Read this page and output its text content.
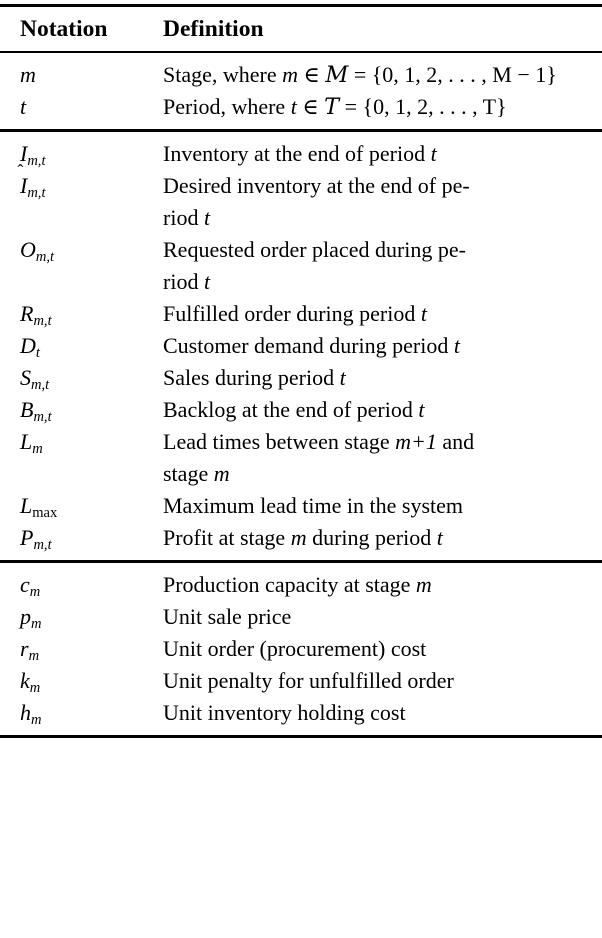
Notation	Definition
m	Stage, where m ∈ M = {0, 1, 2, . . . , M − 1}
t	Period, where t ∈ T = {0, 1, 2, . . . , T}
$I_{m,t}$	Inventory at the end of period t
$I_{m,t}$	Desired inventory at the end of pe-
riod t
$O_{m,t}$	Requested order placed during pe-
riod t
$R_{m,t}$	Fulfilled order during period t
$D_t$	Customer demand during period t
$S_{m,t}$	Sales during period t
$B_{m,t}$	Backlog at the end of period t
$L_m$	Lead times between stage m+1 and
stage m
$L_{max}$	Maximum lead time in the system
$P_{m,t}$	Profit at stage m during period t
$c_m$	Production capacity at stage m
$p_m$	Unit sale price
$r_m$	Unit order (procurement) cost
$k_m$	Unit penalty for unfulfilled order
$h_m$	Unit inventory holding cost
